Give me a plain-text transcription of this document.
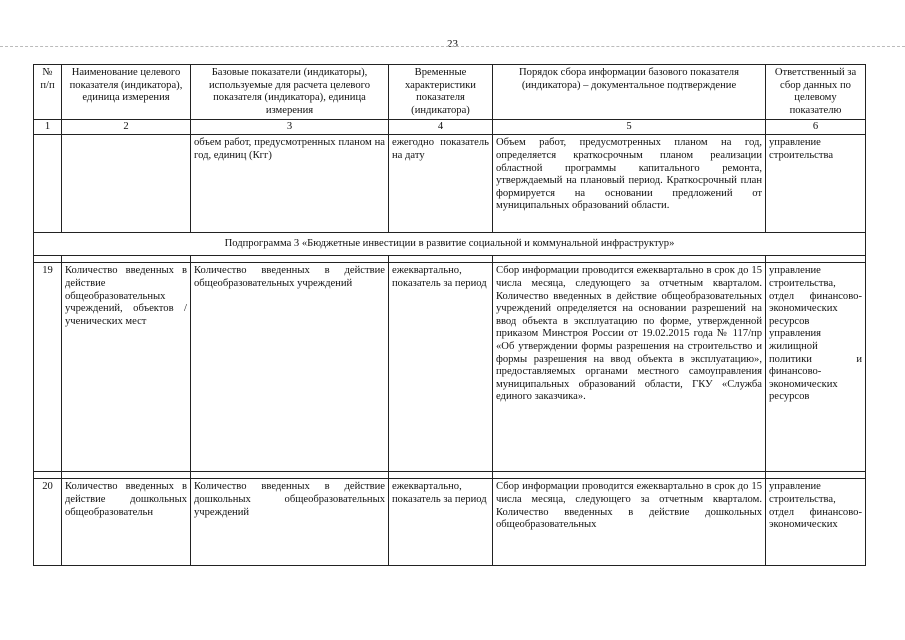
23
№ п/п	Наименование целевого показателя (индикатора), единица измерения	Базовые показатели (индикаторы), используемые для расчета целевого показателя (индикатора), единица измерения	Временные характеристики показателя (индикатора)	Порядок сбора информации базового показателя (индикатора) – документальное подтверждение	Ответственный за сбор данных по целевому показателю
1	2	3	4	5	6
		объем работ, предусмотренных планом на год, единиц (Кгг)	ежегодно показатель на дату	Объем работ, предусмотренных планом на год, определяется краткосрочным планом реализации областной программы капитального ремонта, утверждаемый на плановый период. Краткосрочный план формируется на основании предложений от муниципальных образований области.	управление строительства
Подпрограмма 3 «Бюджетные инвестиции в развитие социальной и коммунальной инфраструктур»					

19	Количество введенных в действие общеобразовательных учреждений, объектов / ученических мест	Количество введенных в действие общеобразовательных учреждений	ежеквартально, показатель за период	Сбор информации проводится ежеквартально в срок до 15 числа месяца, следующего за отчетным кварталом. Количество введенных в действие общеобразовательных учреждений определяется на основании разрешений на ввод объекта в эксплуатацию по форме, утвержденной приказом Минстроя России от 19.02.2015 года № 117/пр «Об утверждении формы разрешения на строительство и формы разрешения на ввод объекта в эксплуатацию», предоставляемых органами местного самоуправления муниципальных образований области, ГКУ «Служба единого заказчика».	управление строительства, отдел финансово-экономических ресурсов управления жилищной политики и финансово-экономических ресурсов

20	Количество введенных в действие дошкольных общеобразовательн	Количество введенных в действие дошкольных общеобразовательных учреждений	ежеквартально, показатель за период	Сбор информации проводится ежеквартально в срок до 15 числа месяца, следующего за отчетным кварталом. Количество введенных в действие дошкольных общеобразовательных	управление строительства, отдел финансово-экономических
